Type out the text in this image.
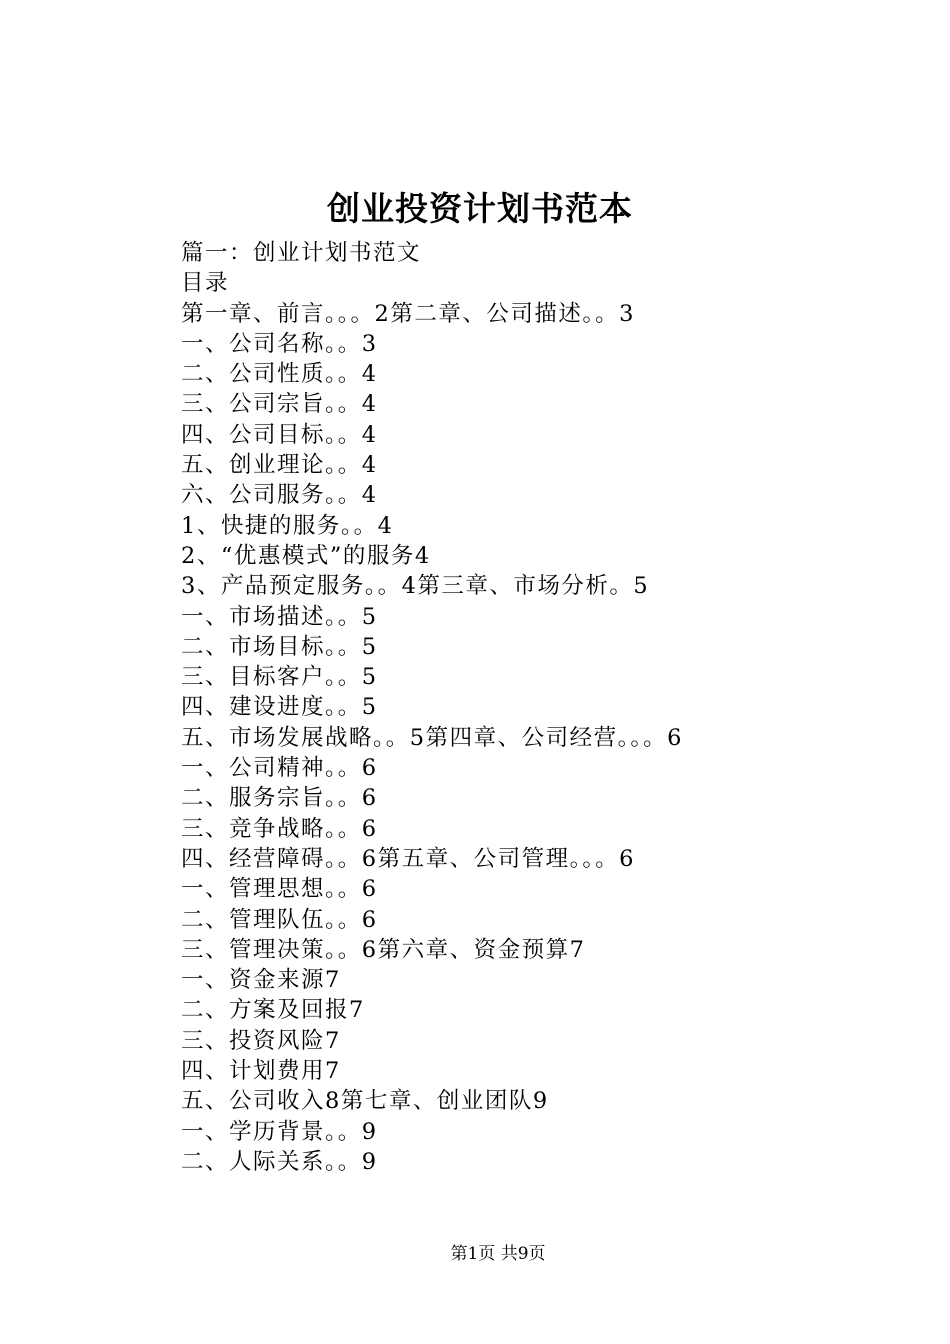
创业投资计划书范本
篇一：创业计划书范文
目录
第一章、前言。。。2第二章、公司描述。。3
一、公司名称。。3
二、公司性质。。4
三、公司宗旨。。4
四、公司目标。。4
五、创业理论。。4
六、公司服务。。4
1、快捷的服务。。4
2、“优惠模式”的服务4
3、产品预定服务。。4第三章、市场分析。5
一、市场描述。。5
二、市场目标。。5
三、目标客户。。5
四、建设进度。。5
五、市场发展战略。。5第四章、公司经营。。。6
一、公司精神。。6
二、服务宗旨。。6
三、竞争战略。。6
四、经营障碍。。6第五章、公司管理。。。6
一、管理思想。。6
二、管理队伍。。6
三、管理决策。。6第六章、资金预算7
一、资金来源7
二、方案及回报7
三、投资风险7
四、计划费用7
五、公司收入8第七章、创业团队9
一、学历背景。。9
二、人际关系。。9
第1页 共9页
